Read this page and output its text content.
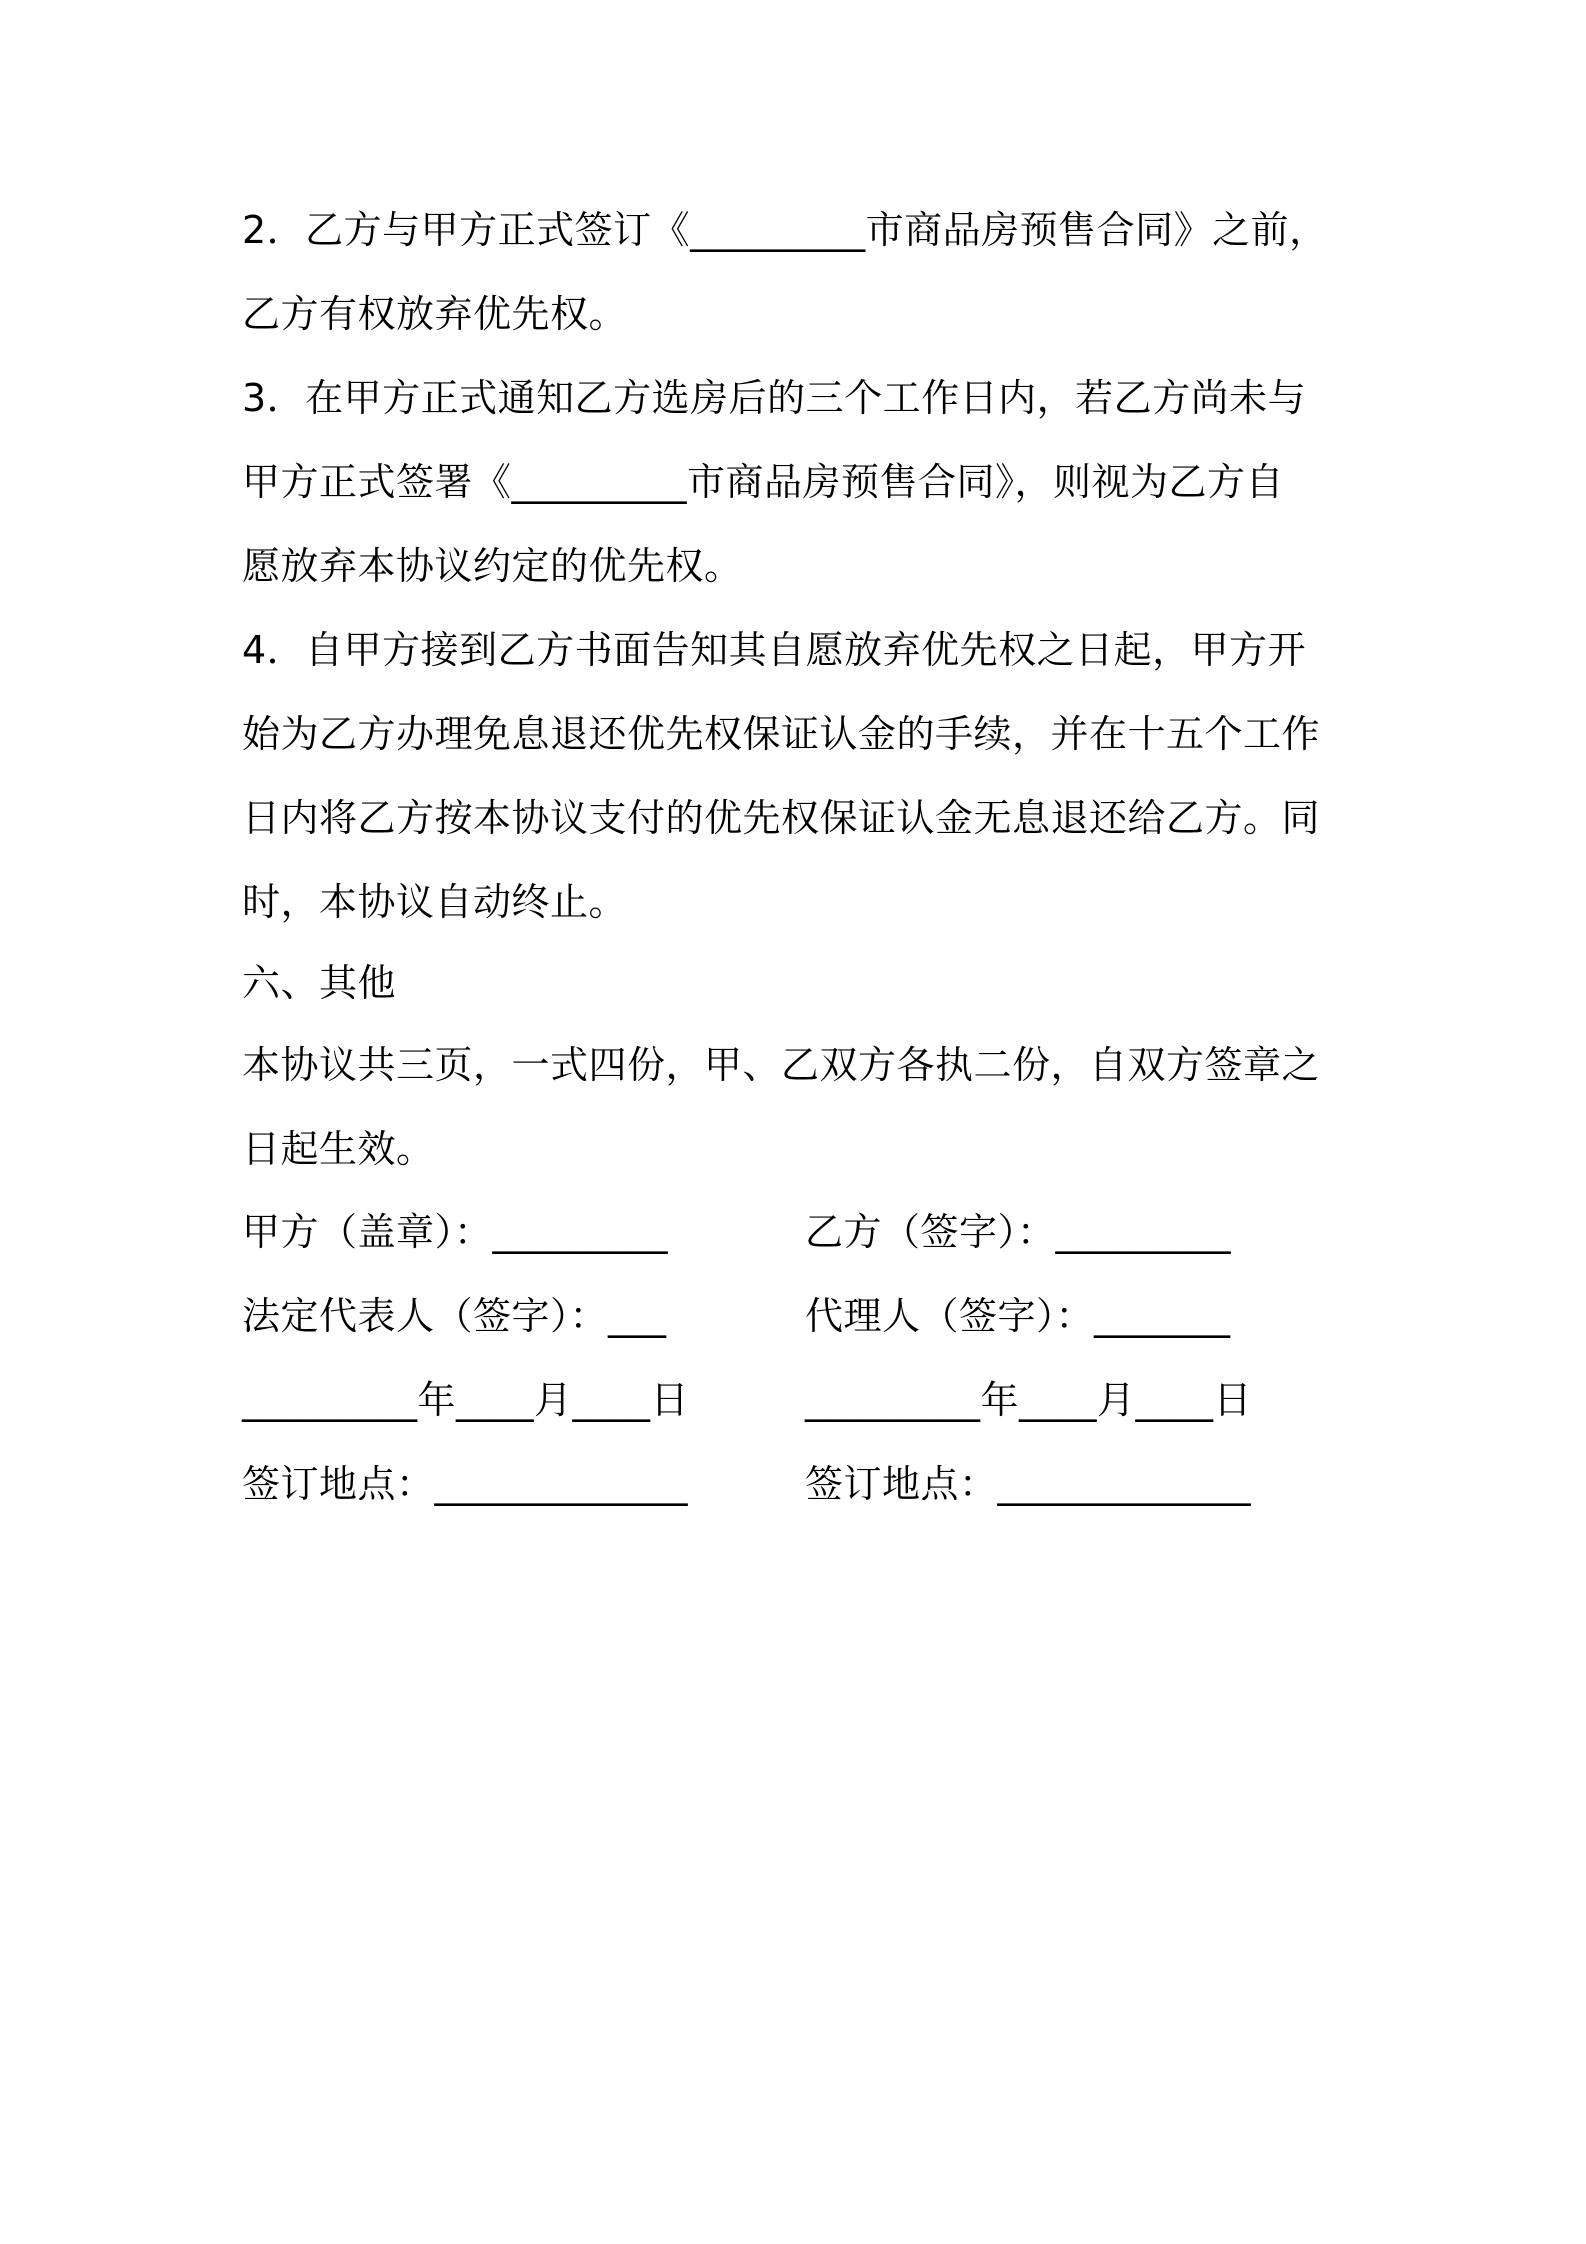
2．乙方与甲方正式签订《_________市商品房预售合同》之前，
乙方有权放弃优先权。
3．在甲方正式通知乙方选房后的三个工作日内，若乙方尚未与
甲方正式签署《_________市商品房预售合同》，则视为乙方自
愿放弃本协议约定的优先权。
4．自甲方接到乙方书面告知其自愿放弃优先权之日起，甲方开
始为乙方办理免息退还优先权保证认金的手续，并在十五个工作
日内将乙方按本协议支付的优先权保证认金无息退还给乙方。同
时，本协议自动终止。
六、其他
本协议共三页，一式四份，甲、乙双方各执二份，自双方签章之
日起生效。
甲方（盖章）：_________	乙方（签字）：_________
法定代表人（签字）：___	代理人（签字）：_______
_________年____月____日	_________年____月____日
签订地点：_____________	签订地点：_____________
